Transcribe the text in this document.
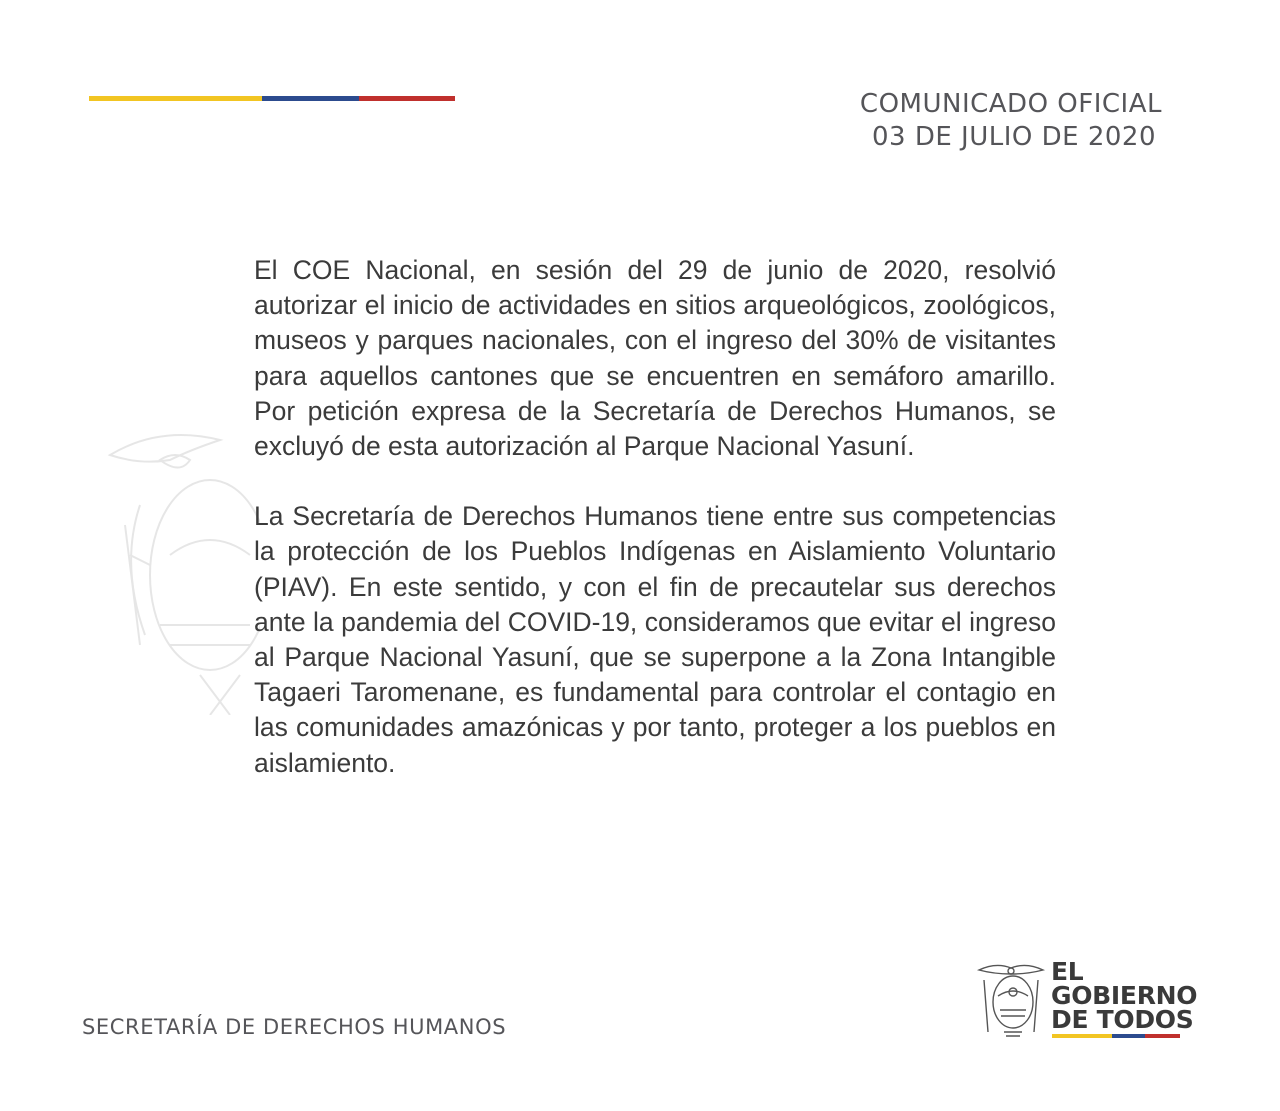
COMUNICADO OFICIAL
03 DE JULIO DE 2020

El COE Nacional, en sesión del 29 de junio de 2020, resolvió autorizar el inicio de actividades en sitios arqueológicos, zoológicos, museos y parques nacionales, con el ingreso del 30% de visitantes para aquellos cantones que se encuentren en semáforo amarillo. Por petición expresa de la Secretaría de Derechos Humanos, se excluyó de esta autorización al Parque Nacional Yasuní.

La Secretaría de Derechos Humanos tiene entre sus competencias la protección de los Pueblos Indígenas en Aislamiento Voluntario (PIAV). En este sentido, y con el fin de precautelar sus derechos ante la pandemia del COVID-19, consideramos que evitar el ingreso al Parque Nacional Yasuní, que se superpone a la Zona Intangible Tagaeri Taromenane, es fundamental para controlar el contagio en las comunidades amazónicas y por tanto, proteger a los pueblos en aislamiento.

SECRETARÍA DE DERECHOS HUMANOS
EL
GOBIERNO
DE TODOS
